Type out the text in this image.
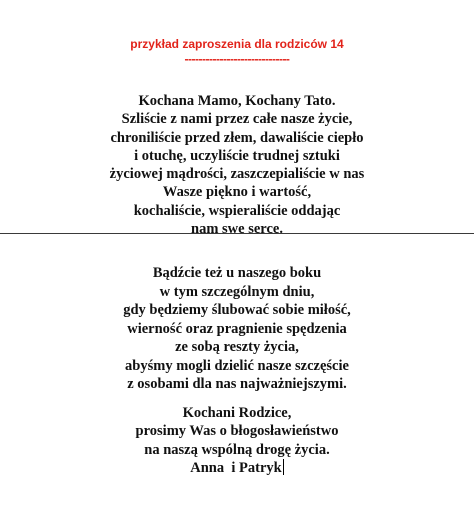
przykład zaproszenia dla rodziców 14
------------------------------
Kochana Mamo, Kochany Tato.
Szliście z nami przez całe nasze życie,
chroniliście przed złem, dawaliście ciepło
i otuchę, uczyliście trudnej sztuki
życiowej mądrości, zaszczepialiście w nas
Wasze piękno i wartość,
kochaliście, wspieraliście oddając
nam swe serce.
Bądźcie też u naszego boku
w tym szczególnym dniu,
gdy będziemy ślubować sobie miłość,
wierność oraz pragnienie spędzenia
ze sobą reszty życia,
abyśmy mogli dzielić nasze szczęście
z osobami dla nas najważniejszymi.
Kochani Rodzice,
prosimy Was o błogosławieństwo
na naszą wspólną drogę życia.
Anna  i Patryk
